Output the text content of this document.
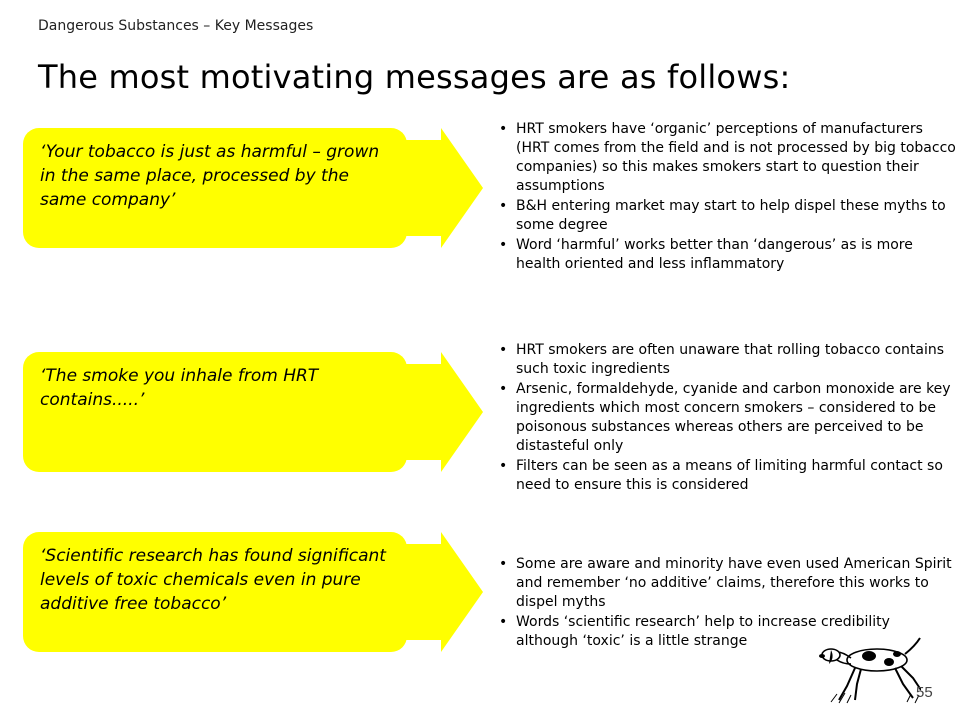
Dangerous Substances – Key Messages
The most motivating messages are as follows:
‘Your tobacco is just as harmful – grown in the same place, processed by the same company’
• HRT smokers have ‘organic’ perceptions of manufacturers (HRT comes from the field and is not processed by big tobacco companies) so this makes smokers start to question their assumptions
• B&H entering market may start to help dispel these myths to some degree
• Word ‘harmful’ works better than ‘dangerous’ as is more health oriented and less inflammatory
‘The smoke you inhale from HRT contains.....’
• HRT smokers are often unaware that rolling tobacco contains such toxic ingredients
• Arsenic, formaldehyde, cyanide and carbon monoxide are key ingredients which most concern smokers – considered to be poisonous substances whereas others are perceived to be distasteful only
• Filters can be seen as a means of limiting harmful contact so need to ensure this is considered
‘Scientific research has found significant levels of toxic chemicals even in pure additive free tobacco’
• Some are aware and minority have even used American Spirit and remember ‘no additive’ claims, therefore this works to dispel myths
• Words ‘scientific research’ help to increase credibility although ‘toxic’ is a little strange
55
